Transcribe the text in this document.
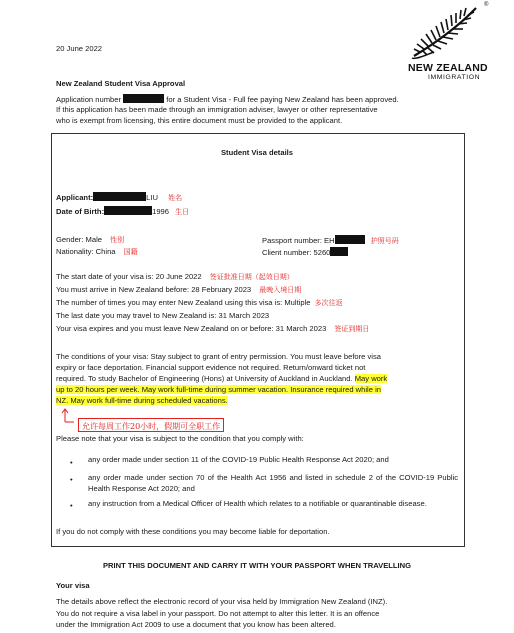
20 June 2022
®
NEW ZEALAND
IMMIGRATION
New Zealand Student Visa Approval
Application number	for a Student Visa - Full fee paying New Zealand has been approved.
If this application has been made through an immigration adviser, lawyer or other representative
who is exempt from licensing, this entire document must be provided to the applicant.
Student Visa details
Applicant:	LIU 姓名
Date of Birth:	1996 生日
Gender: Male 性别
Nationality: China 国籍
Passport number: EH	护照号码
Client number: 5260
The start date of your visa is: 20 June 2022 签证批准日期（起效日期）
You must arrive in New Zealand before: 28 February 2023 最晚入境日期
The number of times you may enter New Zealand using this visa is: Multiple 多次往返
The last date you may travel to New Zealand is: 31 March 2023
Your visa expires and you must leave New Zealand on or before: 31 March 2023 签证到期日
The conditions of your visa: Stay subject to grant of entry permission. You must leave before visa
expiry or face deportation. Financial support evidence not required. Return/onward ticket not
required. To study Bachelor of Engineering (Hons) at University of Auckland in Auckland. May work
up to 20 hours per week. May work full-time during summer vacation. Insurance required while in
NZ. May work full-time during scheduled vacations.
允许每周工作20小时，假期可全职工作
Please note that your visa is subject to the condition that you comply with:
• any order made under section 11 of the COVID-19 Public Health Response Act 2020; and
• any order made under section 70 of the Health Act 1956 and listed in schedule 2 of the COVID-19 Public Health Response Act 2020; and
• any instruction from a Medical Officer of Health which relates to a notifiable or quarantinable disease.
If you do not comply with these conditions you may become liable for deportation.
PRINT THIS DOCUMENT AND CARRY IT WITH YOUR PASSPORT WHEN TRAVELLING
Your visa
The details above reflect the electronic record of your visa held by Immigration New Zealand (INZ).
You do not require a visa label in your passport. Do not attempt to alter this letter. It is an offence
under the Immigration Act 2009 to use a document that you know has been altered.
